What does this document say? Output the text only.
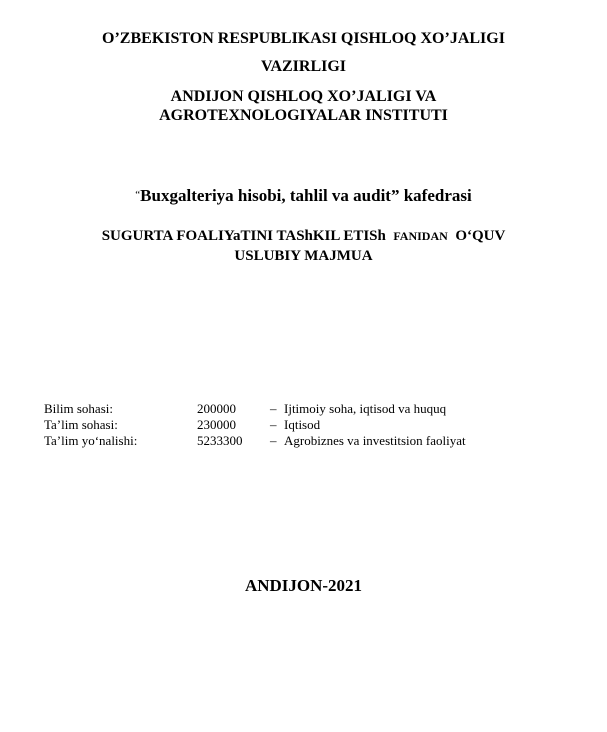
O’ZBEKISTON RESPUBLIKASI QISHLOQ XO’JALIGI
VAZIRLIGI
ANDIJON QISHLOQ XO’JALIGI VA
AGROTEXNOLOGIYALAR INSTITUTI
“Buxgalteriya hisobi, tahlil va audit” kafedrasi
SUGURTA FOALIYaTINI TAShKIL ETISh FANIDAN O‘QUV
USLUBIY MAJMUA
Bilim sohasi:	200000	– Ijtimoiy soha, iqtisod va huquq
Ta’lim sohasi:	230000	– Iqtisod
Ta’lim yo‘nalishi:	5233300 – Agrobiznes va investitsion faoliyat
ANDIJON-2021
